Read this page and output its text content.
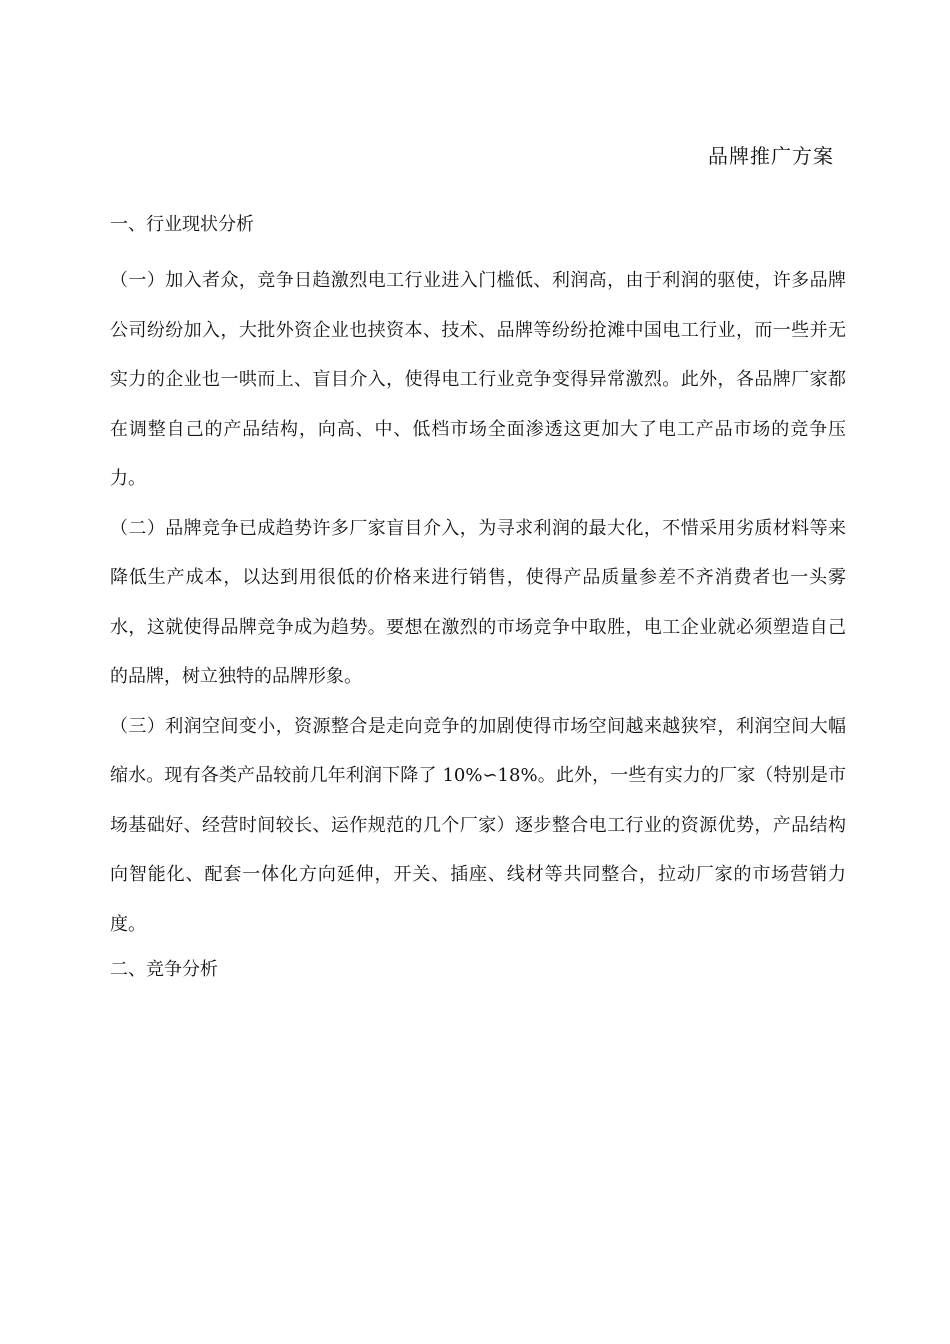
品牌推广方案

一、行业现状分析

（一）加入者众，竞争日趋激烈电工行业进入门槛低、利润高，由于利润的驱使，许多品牌公司纷纷加入，大批外资企业也挟资本、技术、品牌等纷纷抢滩中国电工行业，而一些并无实力的企业也一哄而上、盲目介入，使得电工行业竞争变得异常激烈。此外，各品牌厂家都在调整自己的产品结构，向高、中、低档市场全面渗透这更加大了电工产品市场的竞争压力。

（二）品牌竞争已成趋势许多厂家盲目介入，为寻求利润的最大化，不惜采用劣质材料等来降低生产成本，以达到用很低的价格来进行销售，使得产品质量参差不齐消费者也一头雾水，这就使得品牌竞争成为趋势。要想在激烈的市场竞争中取胜，电工企业就必须塑造自己的品牌，树立独特的品牌形象。

（三）利润空间变小，资源整合是走向竞争的加剧使得市场空间越来越狭窄，利润空间大幅缩水。现有各类产品较前几年利润下降了 10%∽18%。此外，一些有实力的厂家（特别是市场基础好、经营时间较长、运作规范的几个厂家）逐步整合电工行业的资源优势，产品结构向智能化、配套一体化方向延伸，开关、插座、线材等共同整合，拉动厂家的市场营销力度。

二、竞争分析
